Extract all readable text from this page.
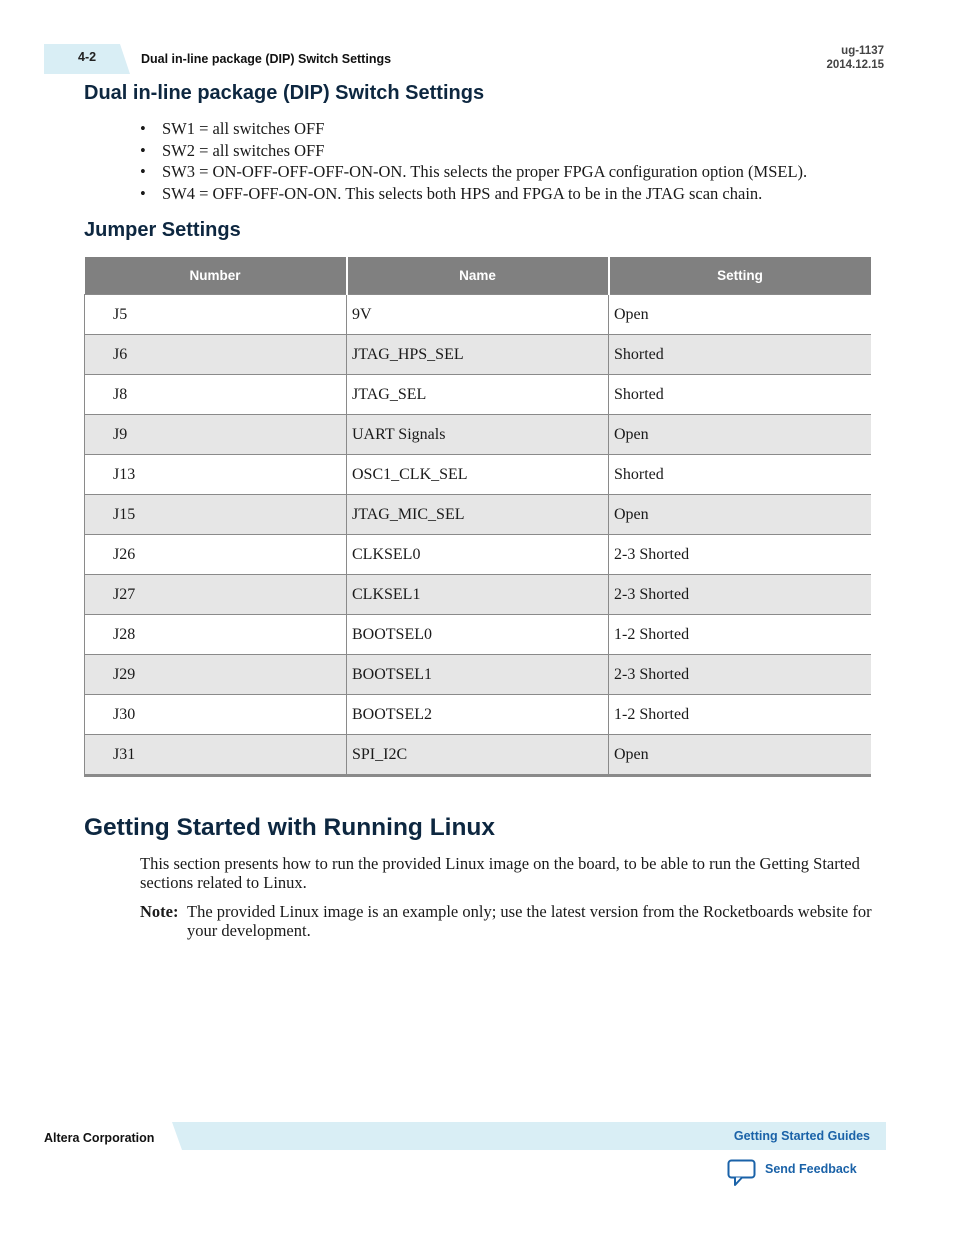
4-2	Dual in-line package (DIP) Switch Settings
ug-1137
2014.12.15
Dual in-line package (DIP) Switch Settings
• SW1 = all switches OFF
• SW2 = all switches OFF
• SW3 = ON-OFF-OFF-OFF-ON-ON. This selects the proper FPGA configuration option (MSEL).
• SW4 = OFF-OFF-ON-ON. This selects both HPS and FPGA to be in the JTAG scan chain.
Jumper Settings
Number	Name	Setting
J5	9V	Open
J6	JTAG_HPS_SEL	Shorted
J8	JTAG_SEL	Shorted
J9	UART Signals	Open
J13	OSC1_CLK_SEL	Shorted
J15	JTAG_MIC_SEL	Open
J26	CLKSEL0	2-3 Shorted
J27	CLKSEL1	2-3 Shorted
J28	BOOTSEL0	1-2 Shorted
J29	BOOTSEL1	2-3 Shorted
J30	BOOTSEL2	1-2 Shorted
J31	SPI_I2C	Open
Getting Started with Running Linux

This section presents how to run the provided Linux image on the board, to be able to run the Getting Started sections related to Linux.

Note: The provided Linux image is an example only; use the latest version from the Rocketboards website for your development.
Altera Corporation	Getting Started Guides
Send Feedback
